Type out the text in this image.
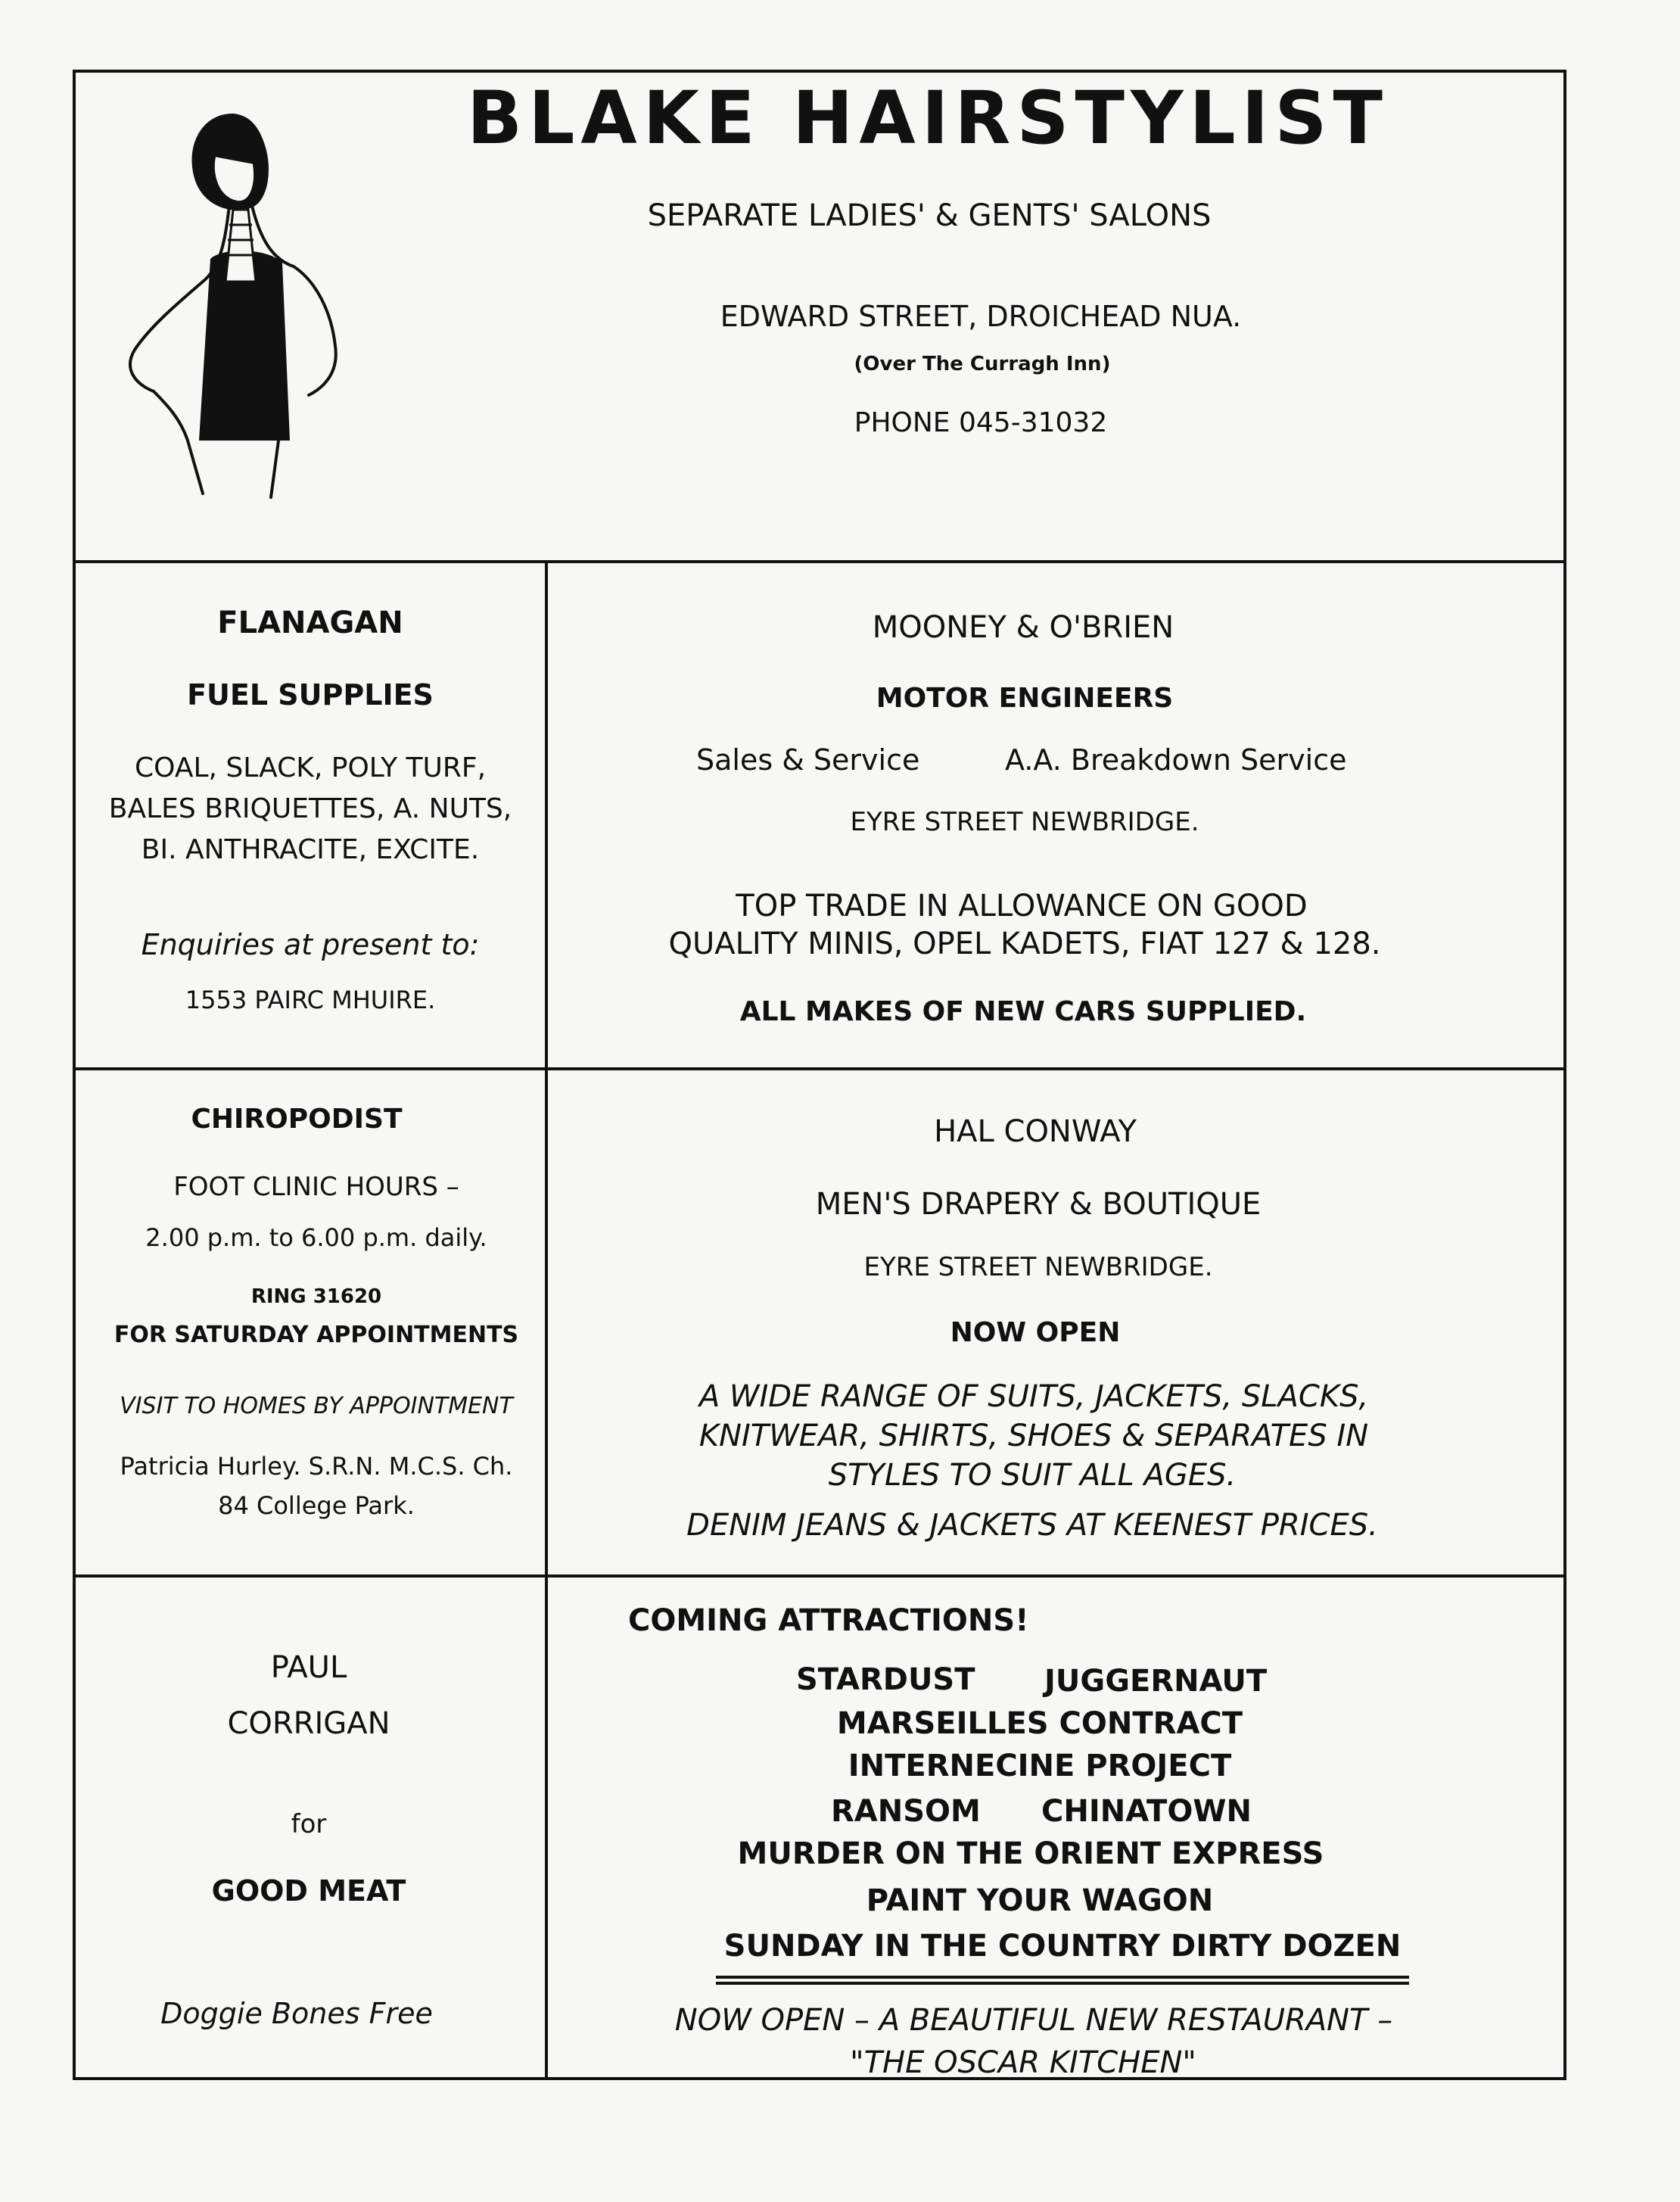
BLAKE HAIRSTYLIST
SEPARATE LADIES' & GENTS' SALONS
EDWARD STREET, DROICHEAD NUA.
(Over The Curragh Inn)
PHONE 045-31032
FLANAGAN
FUEL SUPPLIES
COAL, SLACK, POLY TURF,
BALES BRIQUETTES, A. NUTS,
BI. ANTHRACITE, EXCITE.
Enquiries at present to:
1553 PAIRC MHUIRE.
MOONEY & O'BRIEN
MOTOR ENGINEERS
Sales & Service	A.A. Breakdown Service
EYRE STREET NEWBRIDGE.
TOP TRADE IN ALLOWANCE ON GOOD
QUALITY MINIS, OPEL KADETS, FIAT 127 & 128.
ALL MAKES OF NEW CARS SUPPLIED.
CHIROPODIST
FOOT CLINIC HOURS –
2.00 p.m. to 6.00 p.m. daily.
RING 31620
FOR SATURDAY APPOINTMENTS
VISIT TO HOMES BY APPOINTMENT
Patricia Hurley. S.R.N. M.C.S. Ch.
84 College Park.
HAL CONWAY
MEN'S DRAPERY & BOUTIQUE
EYRE STREET NEWBRIDGE.
NOW OPEN
A WIDE RANGE OF SUITS, JACKETS, SLACKS,
KNITWEAR, SHIRTS, SHOES & SEPARATES IN
STYLES TO SUIT ALL AGES.
DENIM JEANS & JACKETS AT KEENEST PRICES.
PAUL
CORRIGAN
for
GOOD MEAT
Doggie Bones Free
COMING ATTRACTIONS!
STARDUST JUGGERNAUT
MARSEILLES CONTRACT
INTERNECINE PROJECT
RANSOM CHINATOWN
MURDER ON THE ORIENT EXPRESS
PAINT YOUR WAGON
SUNDAY IN THE COUNTRY DIRTY DOZEN
NOW OPEN – A BEAUTIFUL NEW RESTAURANT –
"THE OSCAR KITCHEN"
